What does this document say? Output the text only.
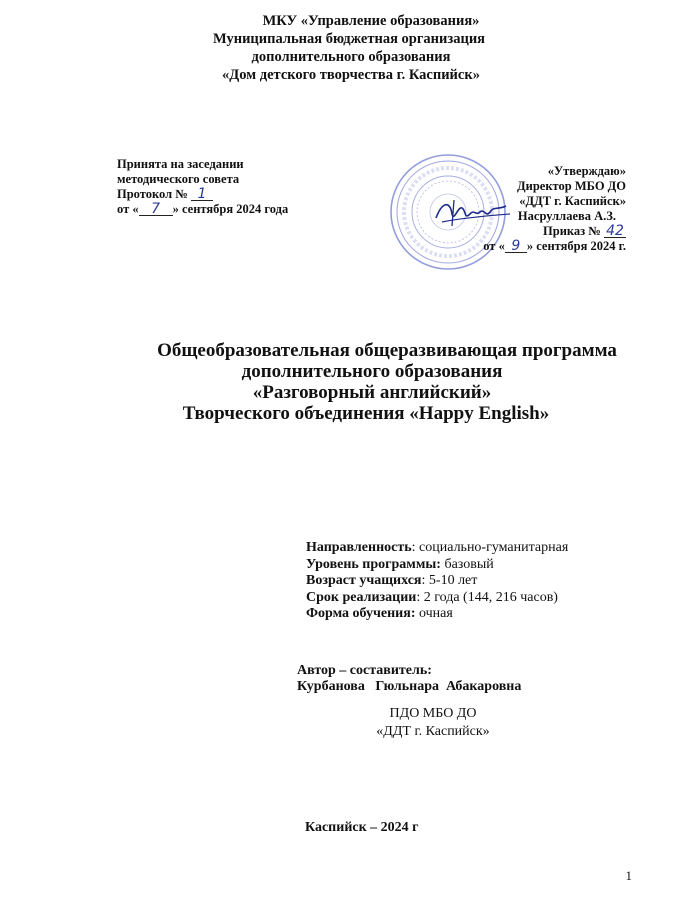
МКУ «Управление образования»
Муниципальная бюджетная организация
дополнительного образования
«Дом детского творчества г. Каспийск»
Принята на заседании
методического совета
Протокол № 1
от « 7 » сентября 2024 года
«Утверждаю»
Директор МБО ДО
«ДДТ г. Каспийск»
Насруллаева А.З.
Приказ № 42
от « 9 » сентября 2024 г.
Общеобразовательная общеразвивающая программа
дополнительного образования
«Разговорный английский»
Творческого объединения «Happy English»
Направленность: социально-гуманитарная
Уровень программы: базовый
Возраст учащихся: 5-10 лет
Срок реализации: 2 года (144, 216 часов)
Форма обучения: очная
Автор – составитель:
Курбанова   Гюльнара  Абакаровна
ПДО МБО ДО
«ДДТ г. Каспийск»
Каспийск – 2024 г
1
